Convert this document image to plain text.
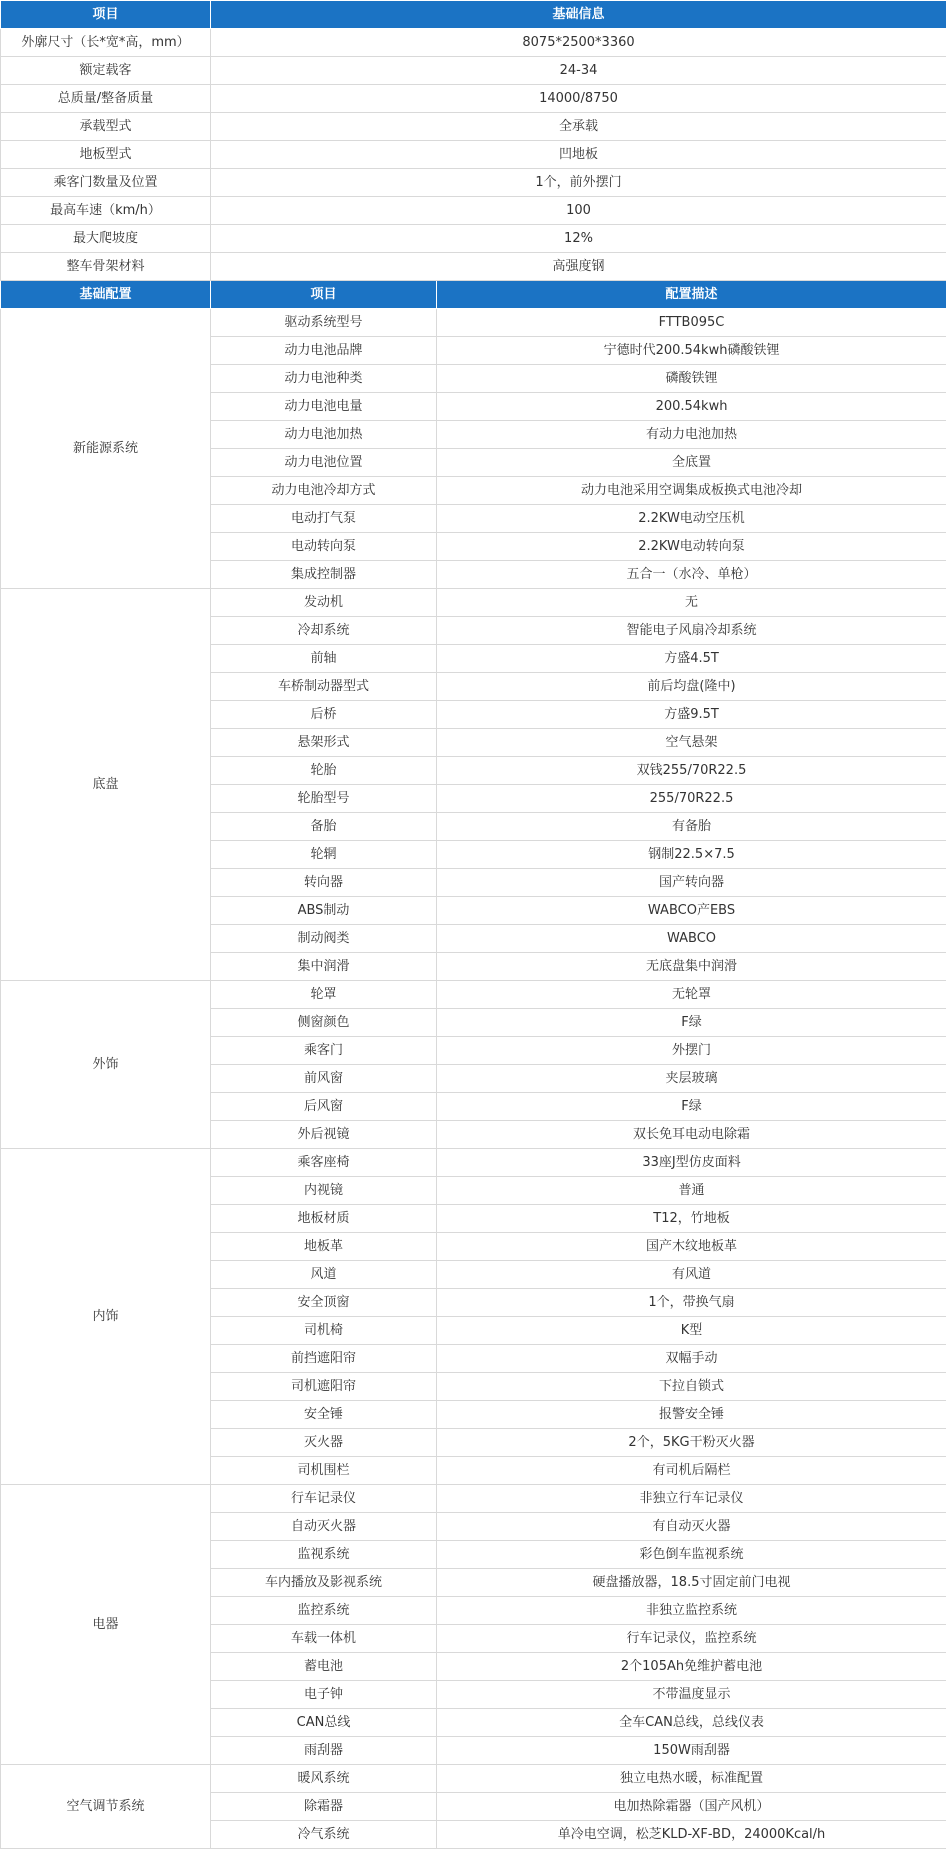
项目	基础信息	
外廓尺寸（长*宽*高，mm）	8075*2500*3360	
额定载客	24-34	
总质量/整备质量	14000/8750	
承载型式	全承载	
地板型式	凹地板	
乘客门数量及位置	1个，前外摆门	
最高车速（km/h）	100	
最大爬坡度	12%	
整车骨架材料	高强度钢	
基础配置	项目	配置描述
新能源系统	驱动系统型号	FTTB095C
	动力电池品牌	宁德时代200.54kwh磷酸铁锂
	动力电池种类	磷酸铁锂
	动力电池电量	200.54kwh
	动力电池加热	有动力电池加热
	动力电池位置	全底置
	动力电池冷却方式	动力电池采用空调集成板换式电池冷却
	电动打气泵	2.2KW电动空压机
	电动转向泵	2.2KW电动转向泵
	集成控制器	五合一（水冷、单枪）
底盘	发动机	无
	冷却系统	智能电子风扇冷却系统
	前轴	方盛4.5T
	车桥制动器型式	前后均盘(隆中)
	后桥	方盛9.5T
	悬架形式	空气悬架
	轮胎	双钱255/70R22.5
	轮胎型号	255/70R22.5
	备胎	有备胎
	轮辋	钢制22.5×7.5
	转向器	国产转向器
	ABS制动	WABCO产EBS
	制动阀类	WABCO
	集中润滑	无底盘集中润滑
外饰	轮罩	无轮罩
	侧窗颜色	F绿
	乘客门	外摆门
	前风窗	夹层玻璃
	后风窗	F绿
	外后视镜	双长免耳电动电除霜
内饰	乘客座椅	33座J型仿皮面料
	内视镜	普通
	地板材质	T12，竹地板
	地板革	国产木纹地板革
	风道	有风道
	安全顶窗	1个，带换气扇
	司机椅	K型
	前挡遮阳帘	双幅手动
	司机遮阳帘	下拉自锁式
	安全锤	报警安全锤
	灭火器	2个，5KG干粉灭火器
	司机围栏	有司机后隔栏
电器	行车记录仪	非独立行车记录仪
	自动灭火器	有自动灭火器
	监视系统	彩色倒车监视系统
	车内播放及影视系统	硬盘播放器，18.5寸固定前门电视
	监控系统	非独立监控系统
	车载一体机	行车记录仪，监控系统
	蓄电池	2个105Ah免维护蓄电池
	电子钟	不带温度显示
	CAN总线	全车CAN总线，总线仪表
	雨刮器	150W雨刮器
空气调节系统	暖风系统	独立电热水暖，标准配置
	除霜器	电加热除霜器（国产风机）
	冷气系统	单冷电空调，松芝KLD-XF-BD，24000Kcal/h
